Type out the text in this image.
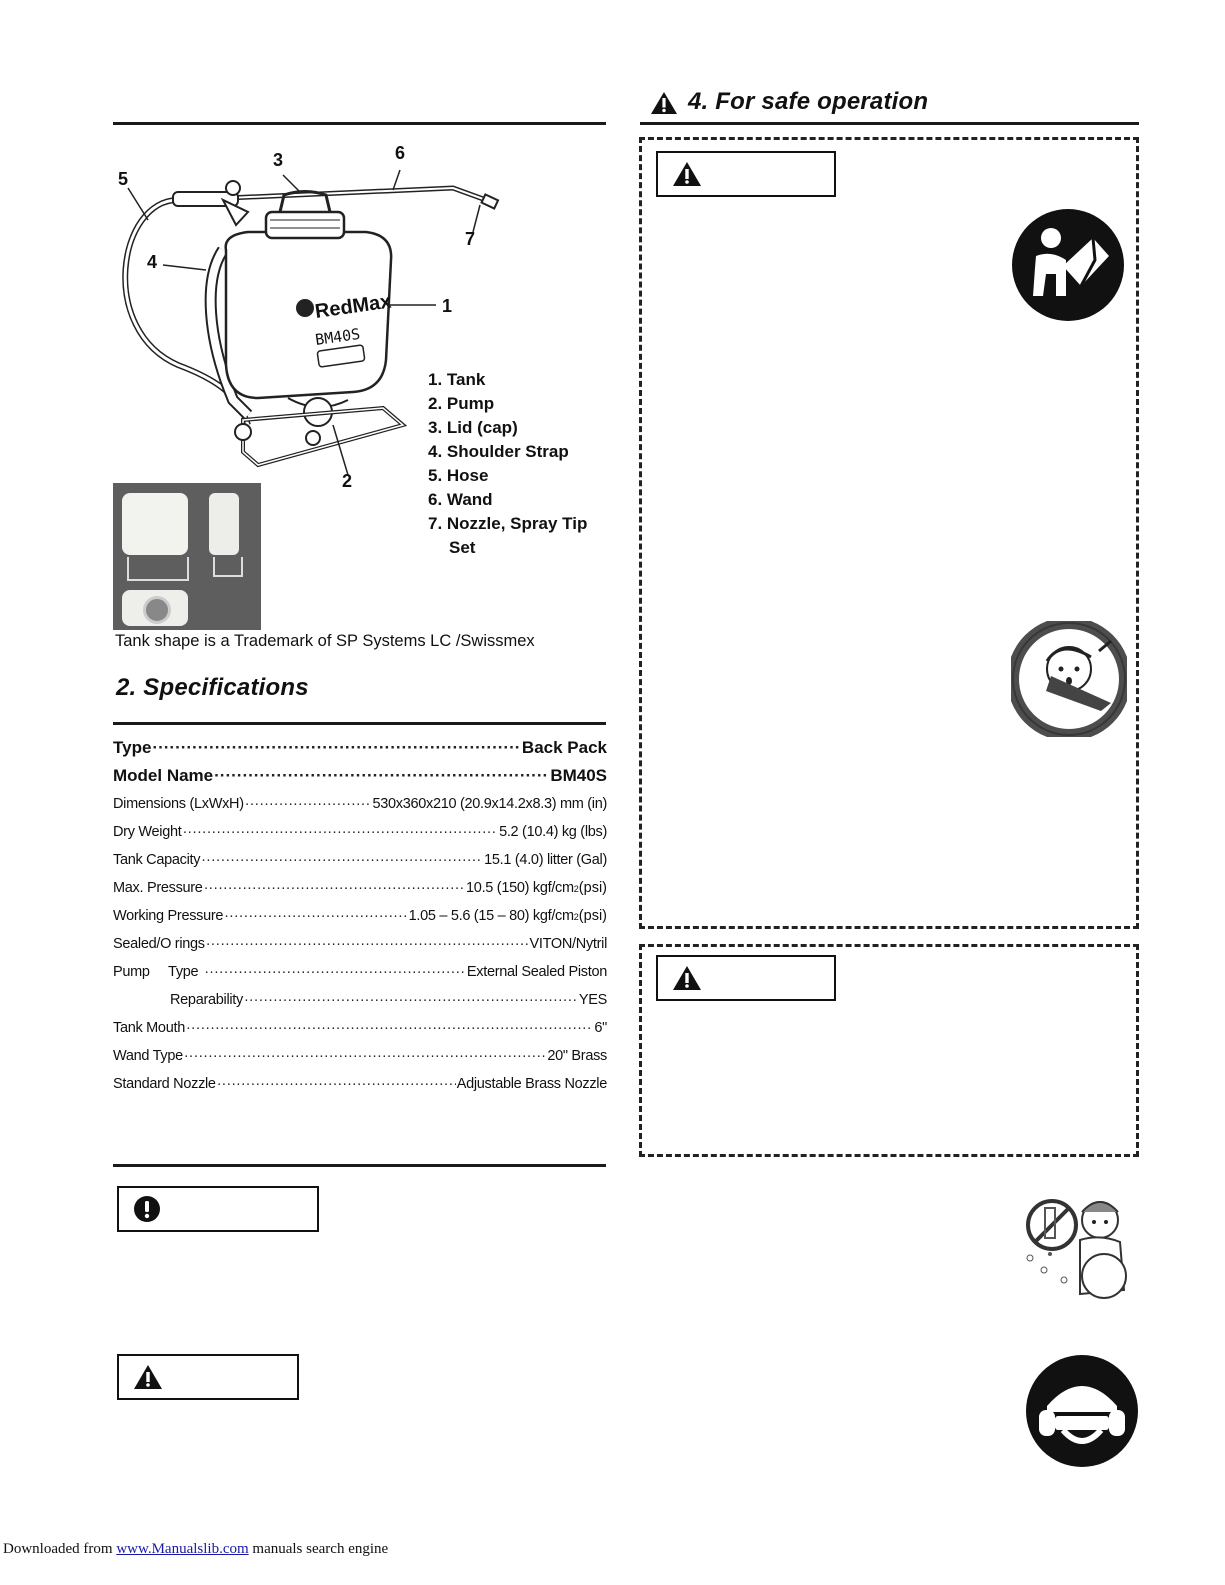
RedMax
BM40S
1
2
3
4
5
6
7
1. Tank
2. Pump
3. Lid (cap)
4. Shoulder Strap
5. Hose
6. Wand
7. Nozzle, Spray Tip
Set
Tank shape is a Trademark of SP Systems LC /Swissmex
2. Specifications
Type ·····	Back Pack
Model Name ·····	BM40S
Dimensions (LxWxH) ·····	530x360x210 (20.9x14.2x8.3) mm (in)
Dry Weight ·····	5.2 (10.4) kg (lbs)
Tank Capacity ·····	15.1 (4.0) litter (Gal)
Max. Pressure ·····	10.5 (150) kgf/cm 2 (psi)
Working Pressure ·····	1.05 – 5.6 (15 – 80) kgf/cm 2 (psi)
Sealed/O rings ·····	VITON/Nytril
Pump     Type ·····	External Sealed Piston
Reparability ·····	YES
Tank Mouth ·····	6"
Wand Type ·····	20" Brass
Standard Nozzle ·····	Adjustable Brass Nozzle
4. For safe operation
Downloaded from www.Manualslib.com manuals search engine
